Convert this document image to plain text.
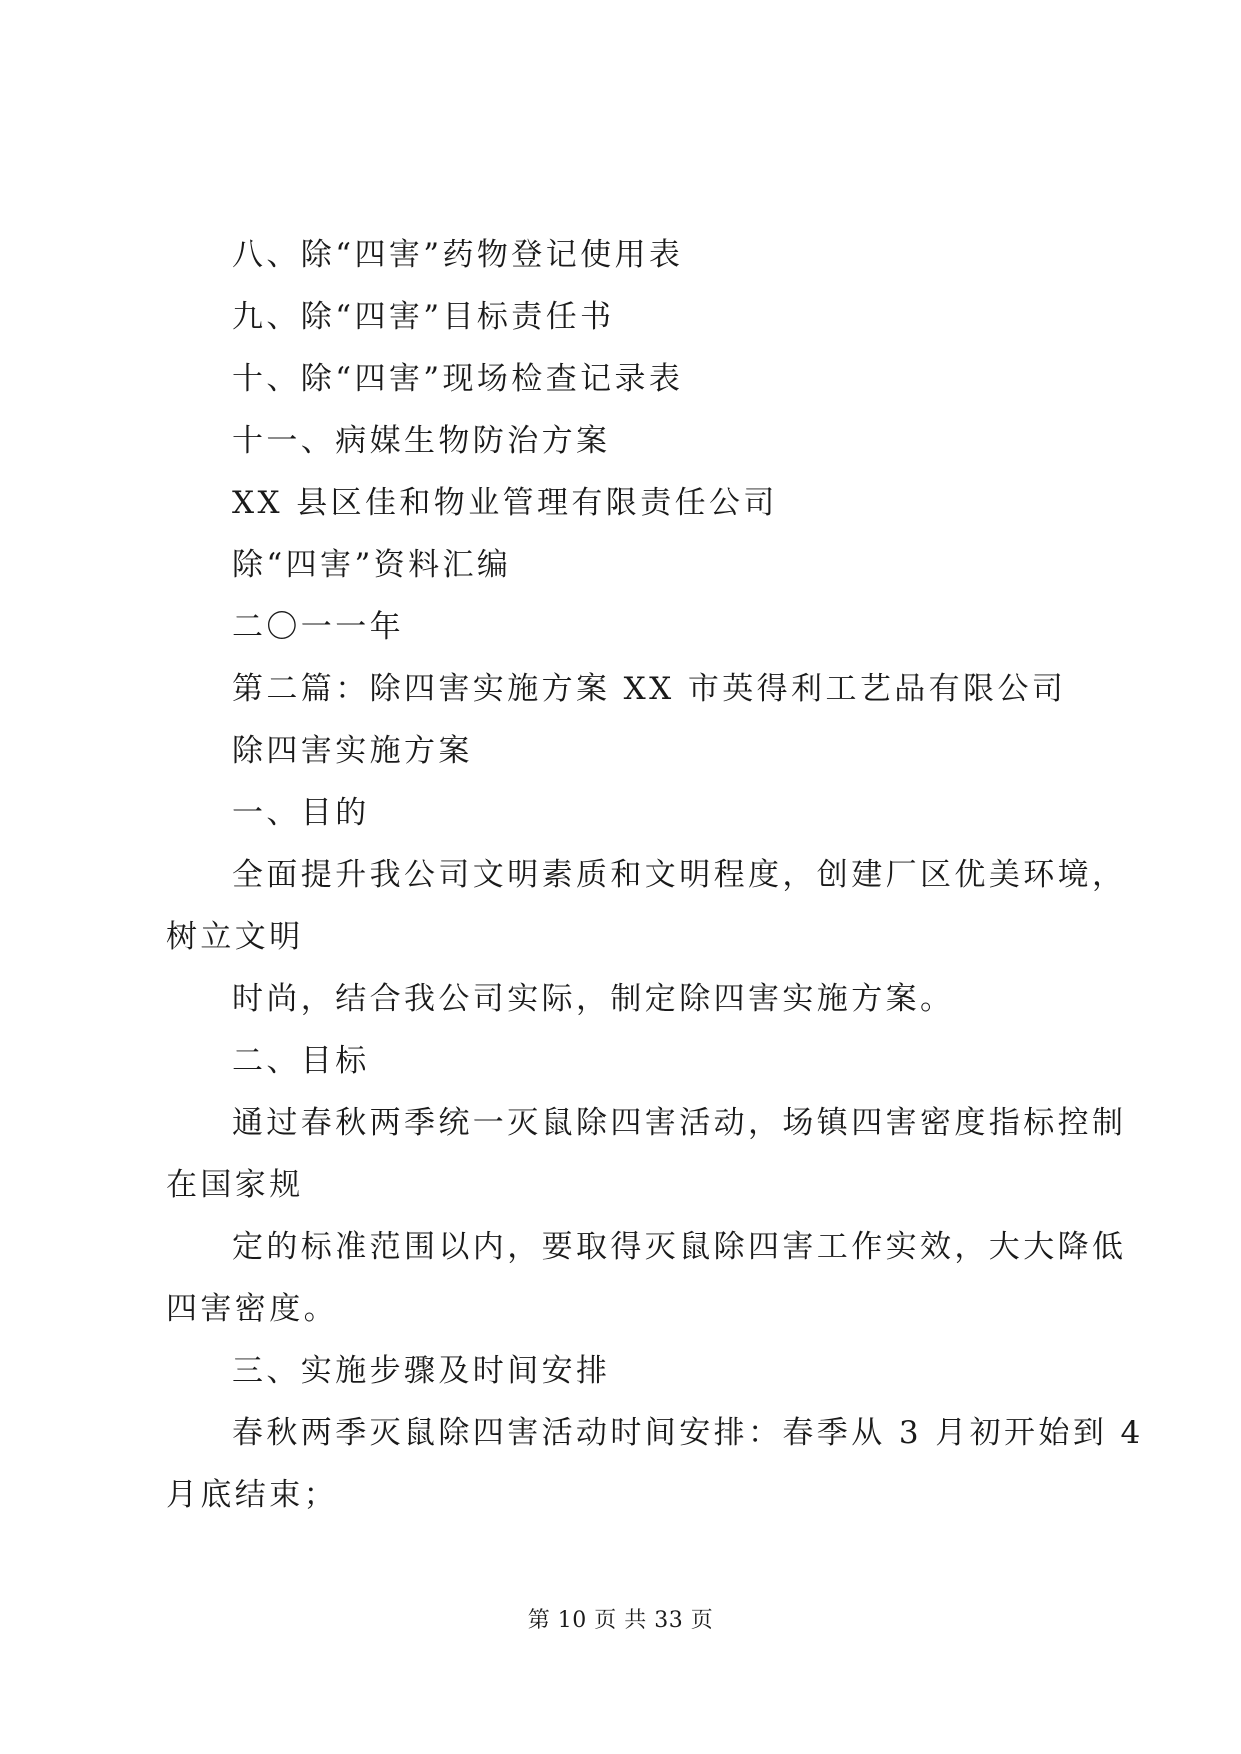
八、除“四害”药物登记使用表
九、除“四害”目标责任书
十、除“四害”现场检查记录表
十一、病媒生物防治方案
XX 县区佳和物业管理有限责任公司
除“四害”资料汇编
二〇一一年
第二篇：除四害实施方案 XX 市英得利工艺品有限公司
除四害实施方案
一、目的
全面提升我公司文明素质和文明程度，创建厂区优美环境，
树立文明
时尚，结合我公司实际，制定除四害实施方案。
二、目标
通过春秋两季统一灭鼠除四害活动，场镇四害密度指标控制
在国家规
定的标准范围以内，要取得灭鼠除四害工作实效，大大降低
四害密度。
三、实施步骤及时间安排
春秋两季灭鼠除四害活动时间安排：春季从 3 月初开始到 4
月底结束；
第 10 页 共 33 页
